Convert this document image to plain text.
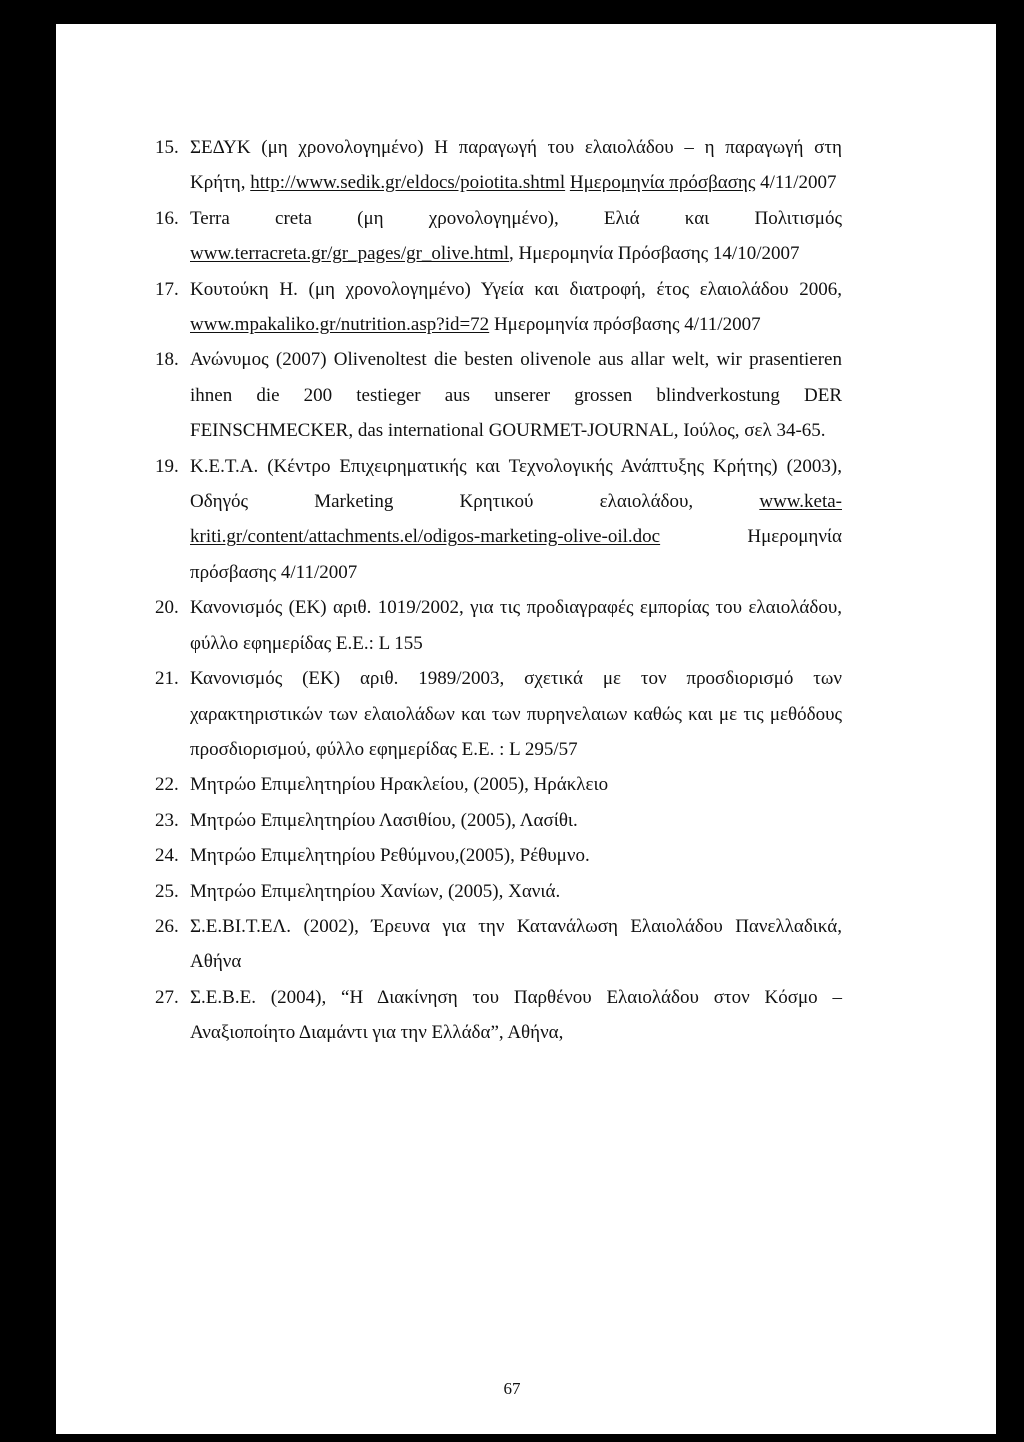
15. ΣΕΔΥΚ (μη χρονολογημένο) Η παραγωγή του ελαιολάδου – η παραγωγή στη Κρήτη, http://www.sedik.gr/eldocs/poiotita.shtml Ημερομηνία πρόσβασης 4/11/2007
16. Terra creta (μη χρονολογημένο), Ελιά και Πολιτισμός www.terracreta.gr/gr_pages/gr_olive.html, Ημερομηνία Πρόσβασης 14/10/2007
17. Κουτούκη Η. (μη χρονολογημένο) Υγεία και διατροφή, έτος ελαιολάδου 2006, www.mpakaliko.gr/nutrition.asp?id=72 Ημερομηνία πρόσβασης 4/11/2007
18. Ανώνυμος (2007) Olivenoltest die besten olivenole aus allar welt, wir prasentieren ihnen die 200 testieger aus unserer grossen blindverkostung DER FEINSCHMECKER, das international GOURMET-JOURNAL, Ιούλος, σελ 34-65.
19. Κ.Ε.Τ.Α. (Κέντρο Επιχειρηματικής και Τεχνολογικής Ανάπτυξης Κρήτης) (2003), Οδηγός Marketing Κρητικού ελαιολάδου, www.keta-kriti.gr/content/attachments.el/odigos-marketing-olive-oil.doc Ημερομηνία πρόσβασης 4/11/2007
20. Κανονισμός (ΕΚ) αριθ. 1019/2002, για τις προδιαγραφές εμπορίας του ελαιολάδου, φύλλο εφημερίδας Ε.Ε.: L 155
21. Κανονισμός (ΕΚ) αριθ. 1989/2003, σχετικά με τον προσδιορισμό των χαρακτηριστικών των ελαιολάδων και των πυρηνελαιων καθώς και με τις μεθόδους προσδιορισμού, φύλλο εφημερίδας Ε.Ε. : L 295/57
22. Μητρώο Επιμελητηρίου Ηρακλείου, (2005), Ηράκλειο
23. Μητρώο Επιμελητηρίου Λασιθίου, (2005), Λασίθι.
24. Μητρώο Επιμελητηρίου Ρεθύμνου,(2005), Ρέθυμνο.
25. Μητρώο Επιμελητηρίου Χανίων, (2005), Χανιά.
26. Σ.Ε.ΒΙ.Τ.ΕΛ. (2002), Έρευνα για την Κατανάλωση Ελαιολάδου Πανελλαδικά, Αθήνα
27. Σ.Ε.Β.Ε. (2004), “Η Διακίνηση του Παρθένου Ελαιολάδου στον Κόσμο – Αναξιοποίητο Διαμάντι για την Ελλάδα”, Αθήνα,
67
